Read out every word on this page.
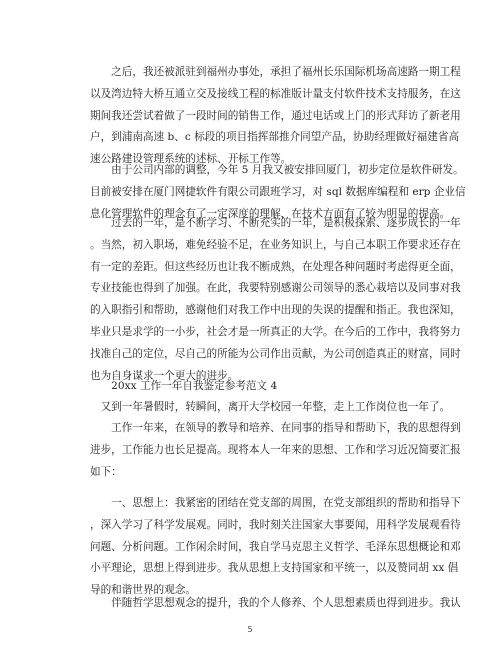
　　之后，我还被派驻到福州办事处，承担了福州长乐国际机场高速路一期工程
以及湾边特大桥互通立交及接线工程的标准版计量支付软件技术支持服务，在这
期间我还尝试着做了一段时间的销售工作，通过电话或上门的形式拜访了新老用
户，到浦南高速 b、c 标段的项目指挥部推介同望产品，协助经理做好福建省高
速公路建设管理系统的述标、开标工作等。
　　由于公司内部的调整，今年 5 月我又被安排回厦门，初步定位是软件研发。
目前被安排在厦门网捷软件有限公司跟班学习，对 sql 数据库编程和 erp 企业信
息化管理软件的理念有了一定深度的理解，在技术方面有了较为明显的提高。
　　过去的一年，是不断学习、不断充实的一年，是积极探索、逐步成长的一年
。当然，初入职场，难免经验不足，在业务知识上，与自己本职工作要求还存在
有一定的差距。但这些经历也让我不断成熟，在处理各种问题时考虑得更全面，
专业技能也得到了加强。在此，我要特别感谢公司领导的悉心栽培以及同事对我
的入职指引和帮助，感谢他们对我工作中出现的失误的提醒和指正。我也深知，
毕业只是求学的一小步，社会才是一所真正的大学。在今后的工作中，我将努力
找准自己的定位，尽自己的所能为公司作出贡献，为公司创造真正的财富，同时
也为自身谋求一个更大的进步。
　　20xx 工作一年自我鉴定参考范文 4
　又到一年暑假时，转瞬间，离开大学校园一年整，走上工作岗位也一年了。
　　工作一年来，在领导的教导和培养、在同事的指导和帮助下，我的思想得到
进步，工作能力也长足提高。现将本人一年来的思想、工作和学习近况简要汇报
如下：
　　一、思想上：我紧密的团结在党支部的周围，在党支部组织的帮助和指导下
，深入学习了科学发展观。同时，我时刻关注国家大事要闻，用科学发展观看待
问题、分析问题。工作闲余时间，我自学马克思主义哲学、毛泽东思想概论和邓
小平理论，思想上得到进步。我从思想上支持国家和平统一，以及赞同胡 xx 倡
导的和谐世界的观念。
　　伴随哲学思想观念的提升，我的个人修养、个人思想素质也得到进步。我认
5
